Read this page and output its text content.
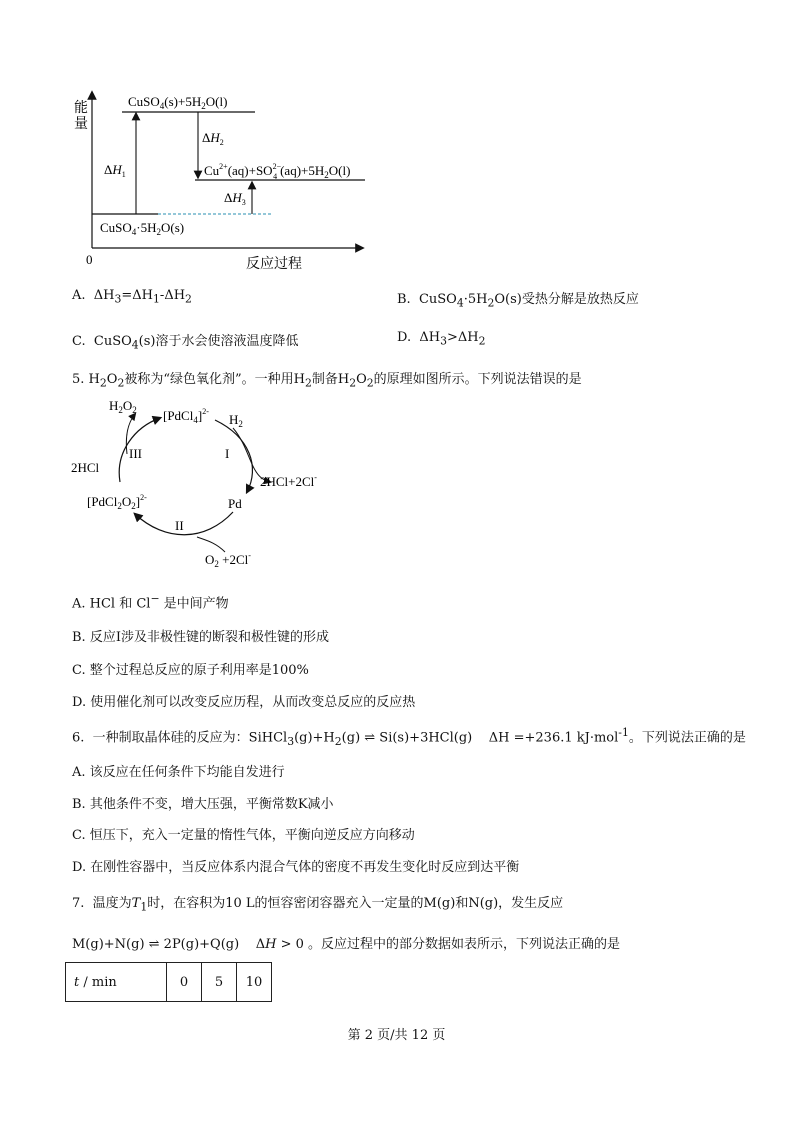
能
量
0	反应过程
$CuSO_4(s)+5H_2O(l)$
$Cu^{2+}(aq)+SO^{2-}$ 4 $(aq)+5H_2O(l)$
$CuSO_4\cdot 5H_2O(s)$
$\Delta H_1$
$\Delta H_2$
$\Delta H_3$
A.  $\Delta H_3=\Delta H_1-\Delta H_2$	B.  $CuSO_4\cdot 5H_2O(s)$受热分解是放热反应
C.  CuSO$_4$(s)溶于水会使溶液温度降低	D.  $\Delta H_3>\Delta H_2$
5. $H_2O_2$被称为“绿色氧化剂”。一种用$H_2$制备$H_2O_2$的原理如图所示。下列说法错误的是
$H_2O_2$ [PdCl$_4$]$^{2-}$
$H_2$
I
2HCl+2Cl-
Pd
II
$O_2 +2Cl^-$
$[PdCl_2O_2]^{2-}$
2HCl
III
A. HCl 和 Cl− 是中间产物
B. 反应I涉及非极性键的断裂和极性键的形成
C. 整个过程总反应的原子利用率是100%
D. 使用催化剂可以改变反应历程，从而改变总反应的反应热
6.  一种制取晶体硅的反应为：$SiHCl_3(g)+H_2(g)$ ⇌ Si(s)+3HCl(g)    ΔH =+236.1 kJ·mol$^{-1}$。下列说法正确的是
A. 该反应在任何条件下均能自发进行
B. 其他条件不变，增大压强，平衡常数K减小
C. 恒压下，充入一定量的惰性气体，平衡向逆反应方向移动
D. 在刚性容器中，当反应体系内混合气体的密度不再发生变化时反应到达平衡
7.  温度为$T_1$时，在容积为10 L的恒容密闭容器充入一定量的M(g)和N(g)，发生反应
M(g)+N(g) ⇌ 2P(g)+Q(g)    ΔH > 0 。反应过程中的部分数据如表所示，下列说法正确的是
t / min	0	5	10
第 2 页/共 12 页
